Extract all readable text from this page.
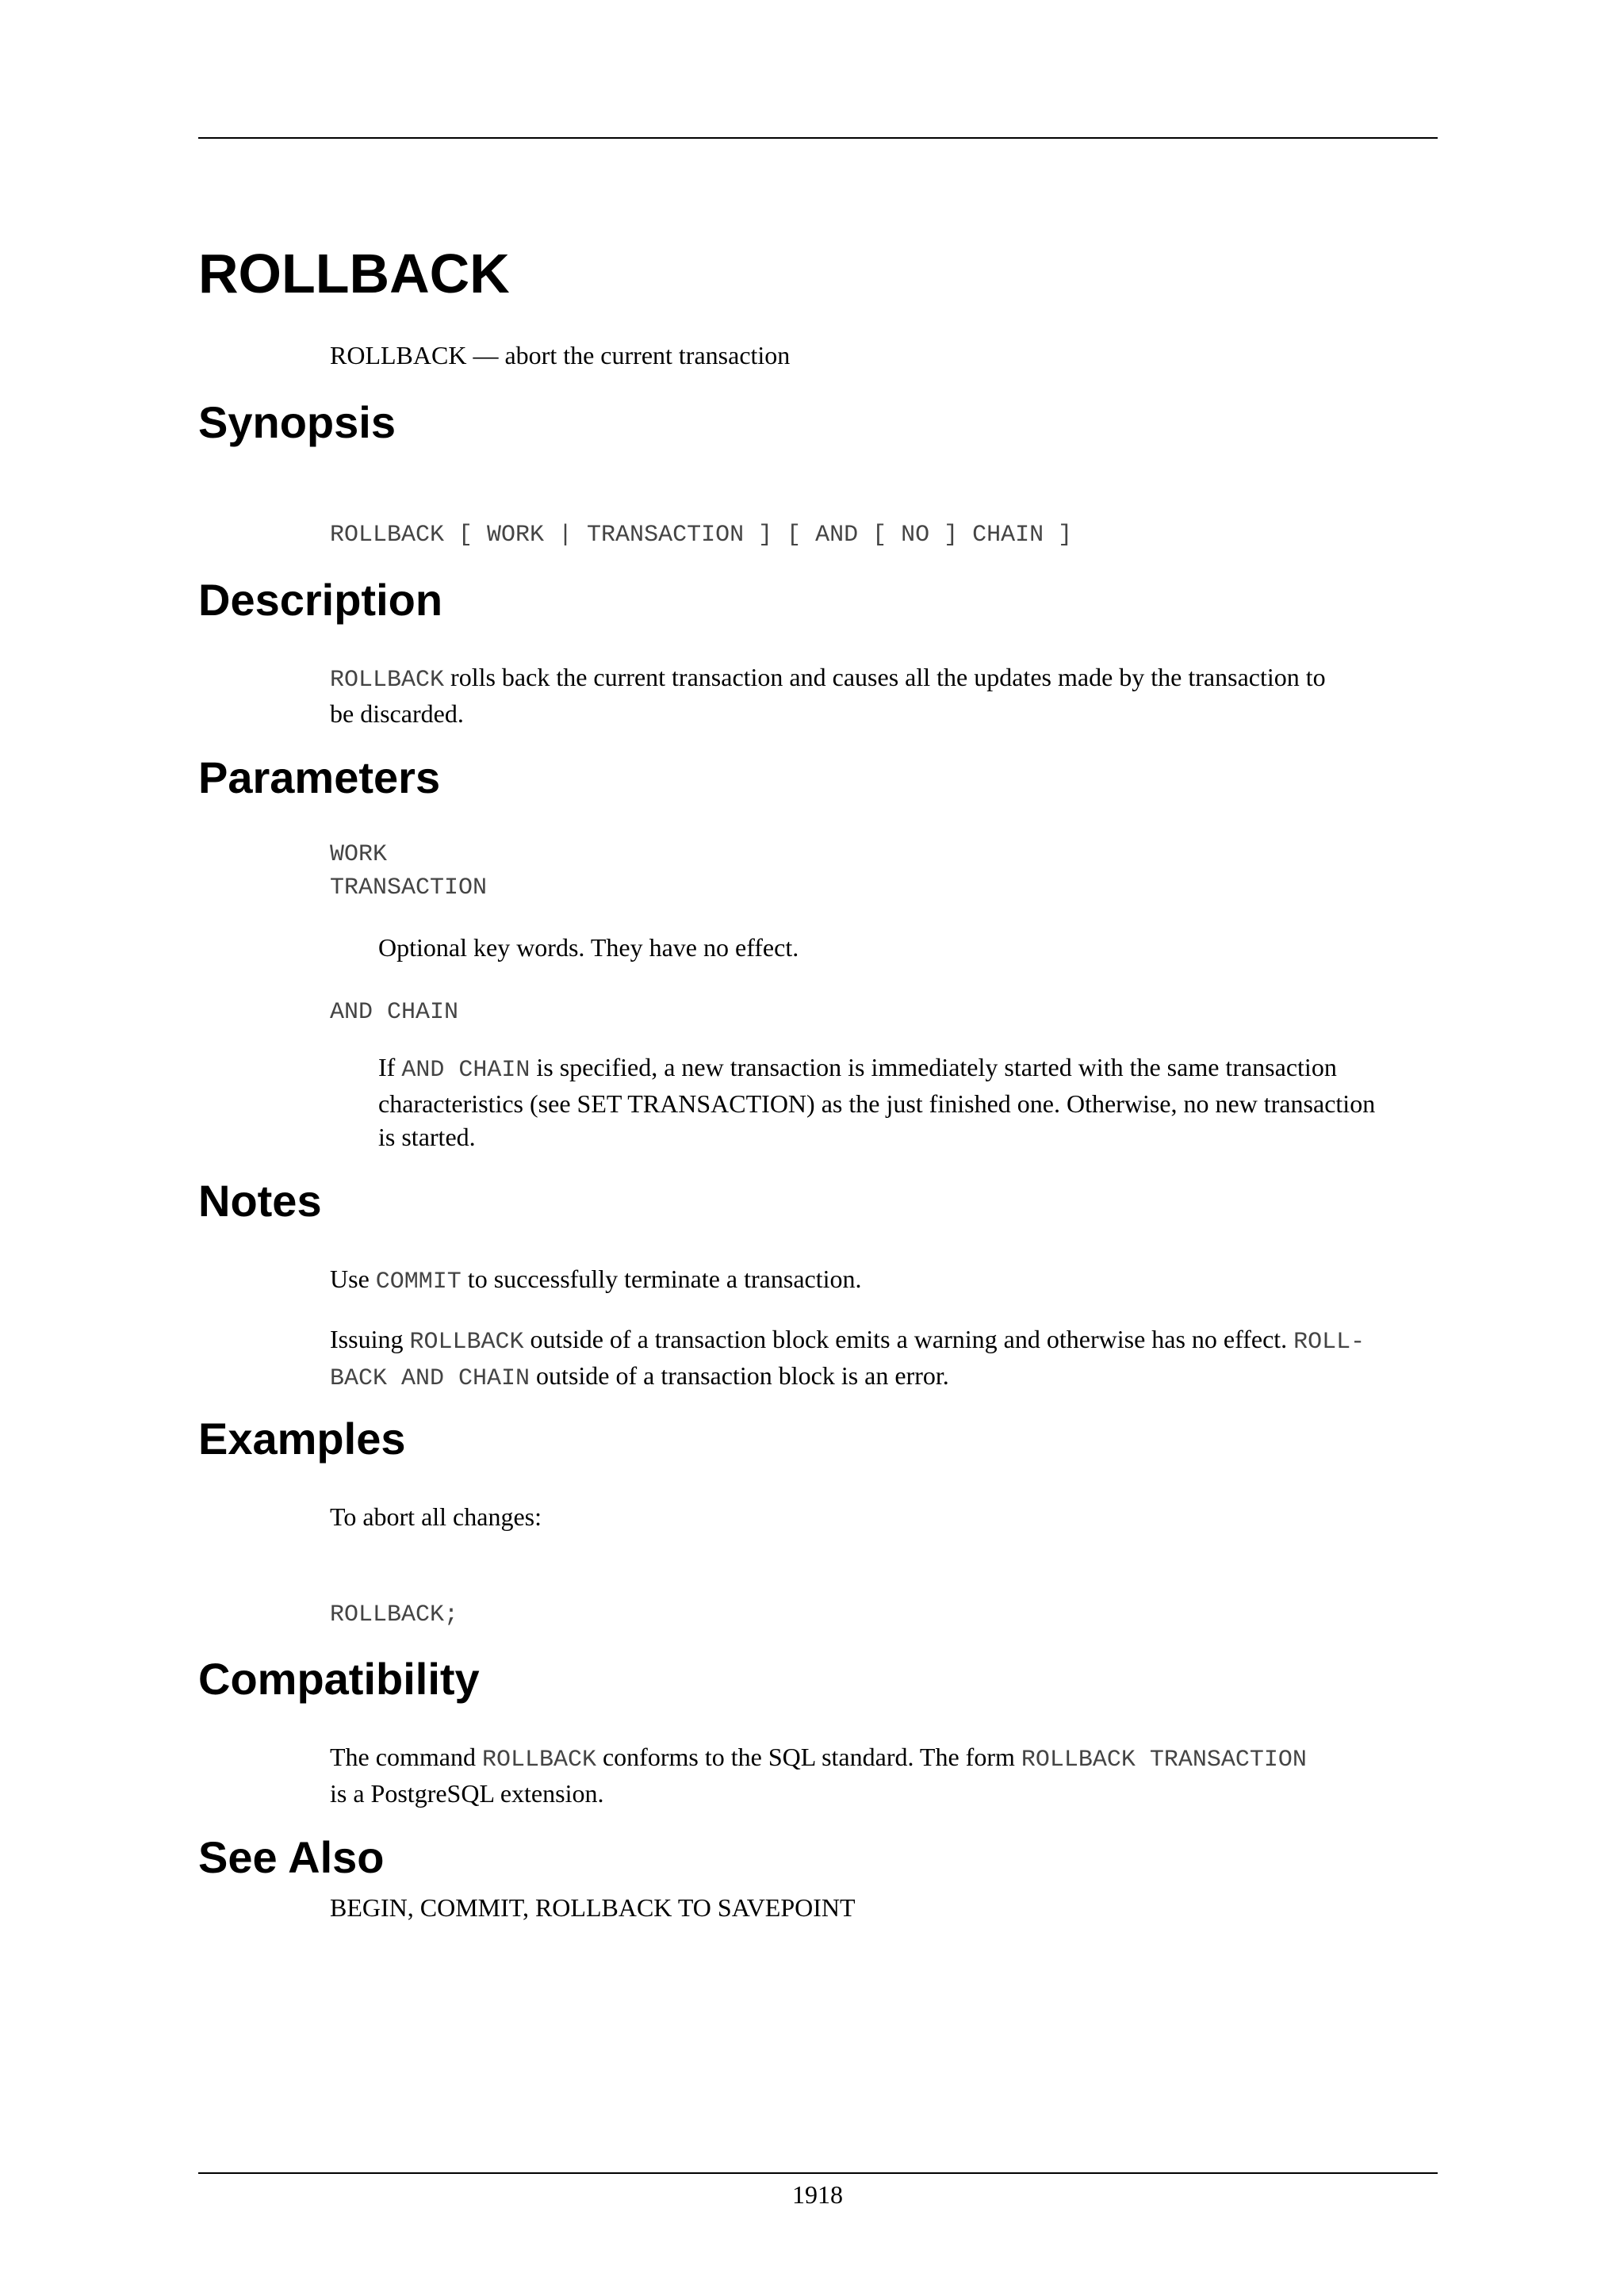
ROLLBACK
ROLLBACK — abort the current transaction
Synopsis
ROLLBACK [ WORK | TRANSACTION ] [ AND [ NO ] CHAIN ]
Description
ROLLBACK rolls back the current transaction and causes all the updates made by the transaction to
be discarded.
Parameters
WORK
TRANSACTION
Optional key words. They have no effect.
AND CHAIN
If AND CHAIN is specified, a new transaction is immediately started with the same transaction
characteristics (see SET TRANSACTION) as the just finished one. Otherwise, no new transaction
is started.
Notes
Use COMMIT to successfully terminate a transaction.
Issuing ROLLBACK outside of a transaction block emits a warning and otherwise has no effect. ROLL-
BACK AND CHAIN outside of a transaction block is an error.
Examples
To abort all changes:
ROLLBACK;
Compatibility
The command ROLLBACK conforms to the SQL standard. The form ROLLBACK TRANSACTION
is a PostgreSQL extension.
See Also
BEGIN, COMMIT, ROLLBACK TO SAVEPOINT
1918
